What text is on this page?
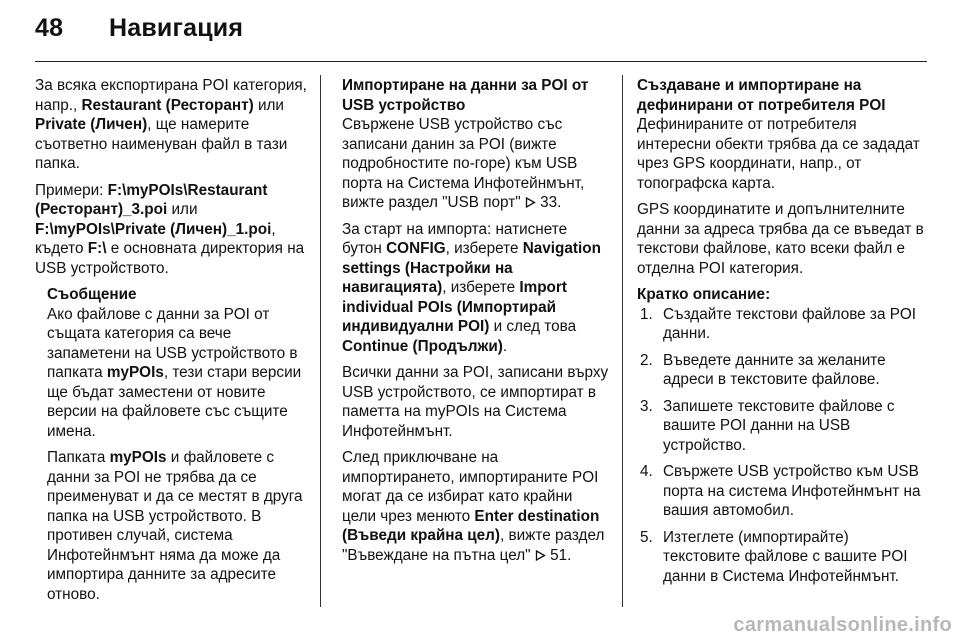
48 Навигация

За всяка експортирана POI категория, напр., Restaurant (Ресторант) или Private (Личен), ще намерите съответно наименуван файл в тази папка.

Примери: F:\myPOIs\Restaurant (Ресторант)_3.poi или F:\myPOIs\Private (Личен)_1.poi, където F:\ е основната директория на USB устройството.

Съобщение

Ако файлове с данни за POI от същата категория са вече запаметени на USB устройството в папката myPOIs, тези стари версии ще бъдат заместени от новите версии на файловете със същите имена.

Папката myPOIs и файловете с данни за POI не трябва да се преименуват и да се местят в друга папка на USB устройството. В противен случай, система Инфотейнмънт няма да може да импортира данните за адресите отново.

Импортиране на данни за POI от USB устройство

Свържене USB устройство със записани данин за POI (вижте подробностите по-горе) към USB порта на Система Инфотейнмънт, вижте раздел "USB порт"  33.

За старт на импорта: натиснете бутон CONFIG, изберете Navigation settings (Настройки на навигацията), изберете Import individual POIs (Импортирай индивидуални POI) и след това Continue (Продължи).

Всички данни за POI, записани върху USB устройството, се импортират в паметта на myPOIs на Система Инфотейнмънт.

След приключване на импортирането, импортираните POI могат да се избират като крайни цели чрез менюто Enter destination (Въведи крайна цел), вижте раздел "Въвеждане на пътна цел"  51.

Създаване и импортиране на дефинирани от потребителя POI

Дефинираните от потребителя интересни обекти трябва да се зададат чрез GPS координати, напр., от топографска карта.

GPS координатите и допълнителните данни за адреса трябва да се въведат в текстови файлове, като всеки файл е отделна POI категория.

Кратко описание:
1. Създайте текстови файлове за POI данни.
2. Въведете данните за желаните адреси в текстовите файлове.
3. Запишете текстовите файлове с вашите POI данни на USB устройство.
4. Свържете USB устройство към USB порта на система Инфотейнмънт на вашия автомобил.
5. Изтеглете (импортирайте) текстовите файлове с вашите POI данни в Система Инфотейнмънт.
carmanualsonline.info
